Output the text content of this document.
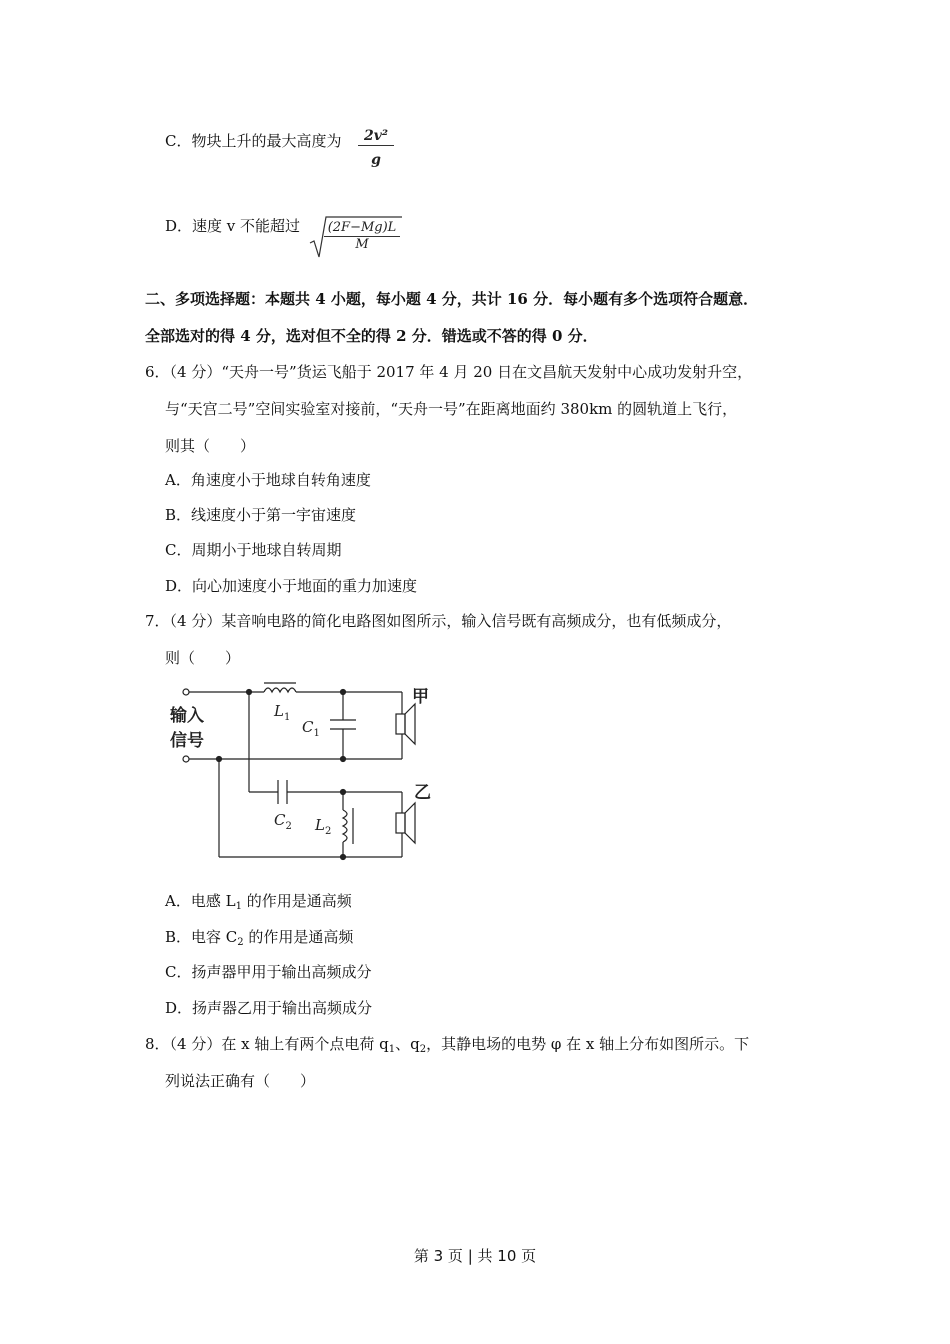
C．物块上升的最大高度为 $\frac{\text{2v²}}{g}$
D．速度 v 不能超过 $\frac{(2F-Mg)L}{M}$
二、多项选择题：本题共 4 小题，每小题 4 分，共计 16 分．每小题有多个选项符合题意．
全部选对的得 4 分，选对但不全的得 2 分．错选或不答的得 0 分．
6．（4 分）“天舟一号”货运飞船于 2017 年 4 月 20 日在文昌航天发射中心成功发射升空，
与“天宫二号”空间实验室对接前，“天舟一号”在距离地面约 380km 的圆轨道上飞行，
则其（　　）
A．角速度小于地球自转角速度
B．线速度小于第一宇宙速度
C．周期小于地球自转周期
D．向心加速度小于地面的重力加速度
7．（4 分）某音响电路的简化电路图如图所示，输入信号既有高频成分，也有低频成分，
则（　　）
输入
信号
$L_1$
$C_1$
甲
$C_2$ $L_2$
乙
A．电感 $L_1$ 的作用是通高频
B．电容 $C_2$ 的作用是通高频
C．扬声器甲用于输出高频成分
D．扬声器乙用于输出高频成分
8．（4 分）在 x 轴上有两个点电荷 $q_1$、$q_2$，其静电场的电势 φ 在 x 轴上分布如图所示。下
列说法正确有（　　）
第 3 页 | 共 10 页
